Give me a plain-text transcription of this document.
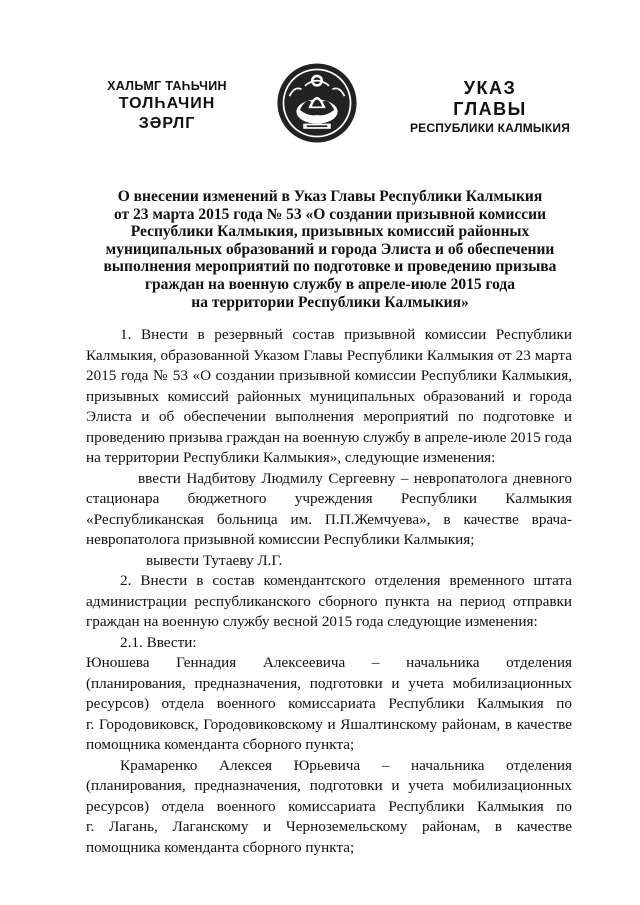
ХАЛЬМГ ТАҺЬЧИН
ТОЛҺАЧИН
ЗӘРЛГ
УКАЗ
ГЛАВЫ
РЕСПУБЛИКИ КАЛМЫКИЯ
О внесении изменений в Указ Главы Республики Калмыкия
от 23 марта 2015 года № 53 «О создании призывной комиссии
Республики Калмыкия, призывных комиссий районных
муниципальных образований и города Элиста и об обеспечении
выполнения мероприятий по подготовке и проведению призыва
граждан на военную службу в апреле-июле 2015 года
на территории Республики Калмыкия»
1. Внести в резервный состав призывной комиссии Республики
Калмыкия, образованной Указом Главы Республики Калмыкия от 23 марта
2015 года № 53 «О создании призывной комиссии Республики Калмыкия,
призывных комиссий районных муниципальных образований и города
Элиста и об обеспечении выполнения мероприятий по подготовке и
проведению призыва граждан на военную службу в апреле-июле 2015 года
на территории Республики Калмыкия», следующие изменения:
ввести Надбитову Людмилу Сергеевну – невропатолога дневного
стационара бюджетного учреждения Республики Калмыкия
«Республиканская больница им. П.П.Жемчуева», в качестве врача-
невропатолога призывной комиссии Республики Калмыкия;
вывести Тутаеву Л.Г.
2. Внести в состав комендантского отделения временного штата
администрации республиканского сборного пункта на период отправки
граждан на военную службу весной 2015 года следующие изменения:
2.1. Ввести:
Юношева Геннадия Алексеевича – начальника отделения
(планирования, предназначения, подготовки и учета мобилизационных
ресурсов) отдела военного комиссариата Республики Калмыкия по
г. Городовиковск, Городовиковскому и Яшалтинскому районам, в качестве
помощника коменданта сборного пункта;
Крамаренко Алексея Юрьевича – начальника отделения
(планирования, предназначения, подготовки и учета мобилизационных
ресурсов) отдела военного комиссариата Республики Калмыкия по
г. Лагань, Лаганскому и Черноземельскому районам, в качестве
помощника коменданта сборного пункта;
